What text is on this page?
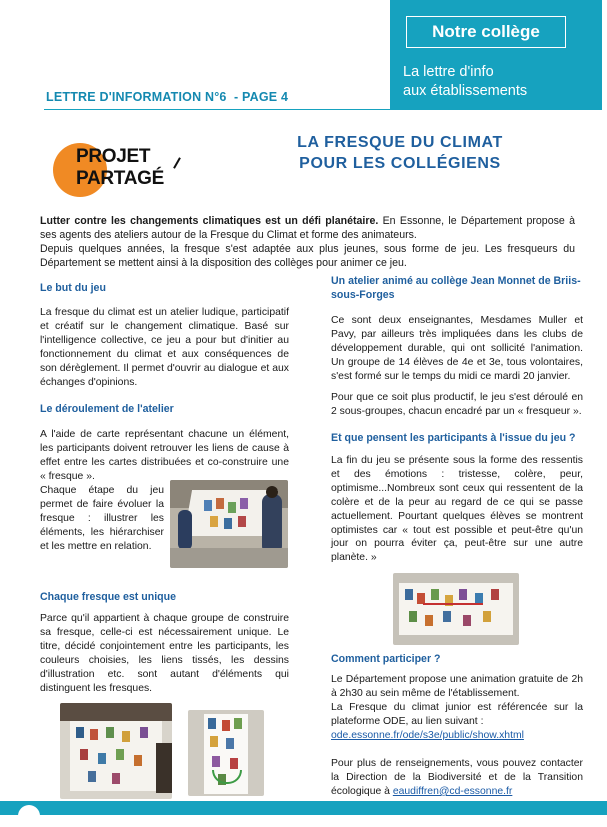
Notre collège
La lettre d'info
aux établissements
LETTRE D'INFORMATION N°6 - PAGE 4
PROJET
PARTAGÉ
LA FRESQUE DU CLIMAT
POUR LES COLLÉGIENS
Lutter contre les changements climatiques est un défi planétaire. En Essonne, le Département propose à ses agents des ateliers autour de la Fresque du Climat et forme des animateurs.
Depuis quelques années, la fresque s'est adaptée aux plus jeunes, sous forme de jeu. Les fresqueurs du Département se mettent ainsi à la disposition des collèges pour animer ce jeu.
Le but du jeu
La fresque du climat est un atelier ludique, participatif et créatif sur le changement climatique. Basé sur l'intelligence collective, ce jeu a pour but d'initier au fonctionnement du climat et aux conséquences de son dérèglement. Il permet d'ouvrir au dialogue et aux échanges d'opinions.
Le déroulement de l'atelier
A l'aide de carte représentant chacune un élément, les participants doivent retrouver les liens de cause à effet entre les cartes distribuées et co-construire une « fresque ».
Chaque étape du jeu permet de faire évoluer la fresque : illustrer les éléments, les hiérarchiser et les mettre en relation.
Chaque fresque est unique
Parce qu'il appartient à chaque groupe de construire sa fresque, celle-ci est nécessairement unique. Le titre, décidé conjointement entre les participants, les couleurs choisies, les liens tissés, les dessins d'illustration etc. sont autant d'éléments qui distinguent les fresques.
Un atelier animé au collège Jean Monnet de Briis-sous-Forges
Ce sont deux enseignantes, Mesdames Muller et Pavy, par ailleurs très impliquées dans les clubs de développement durable, qui ont sollicité l'animation. Un groupe de 14 élèves de 4e et 3e, tous volontaires, s'est formé sur le temps du midi ce mardi 20 janvier.
Pour que ce soit plus productif, le jeu s'est déroulé en 2 sous-groupes, chacun encadré par un « fresqueur ».
Et que pensent les participants à l'issue du jeu ?
La fin du jeu se présente sous la forme des ressentis et des émotions : tristesse, colère, peur, optimisme...Nombreux sont ceux qui ressentent de la colère et de la peur au regard de ce qui se passe actuellement. Pourtant quelques élèves se montrent optimistes car « tout est possible et peut-être qu'un jour on pourra éviter ça, peut-être sur une autre planète. »
Comment participer ?
Le Département propose une animation gratuite de 2h à 2h30 au sein même de l'établissement.
La Fresque du climat junior est référencée sur la plateforme ODE, au lien suivant :
ode.essonne.fr/ode/s3e/public/show.xhtml
Pour plus de renseignements, vous pouvez contacter la Direction de la Biodiversité et de la Transition écologique à eaudiffren@cd-essonne.fr
